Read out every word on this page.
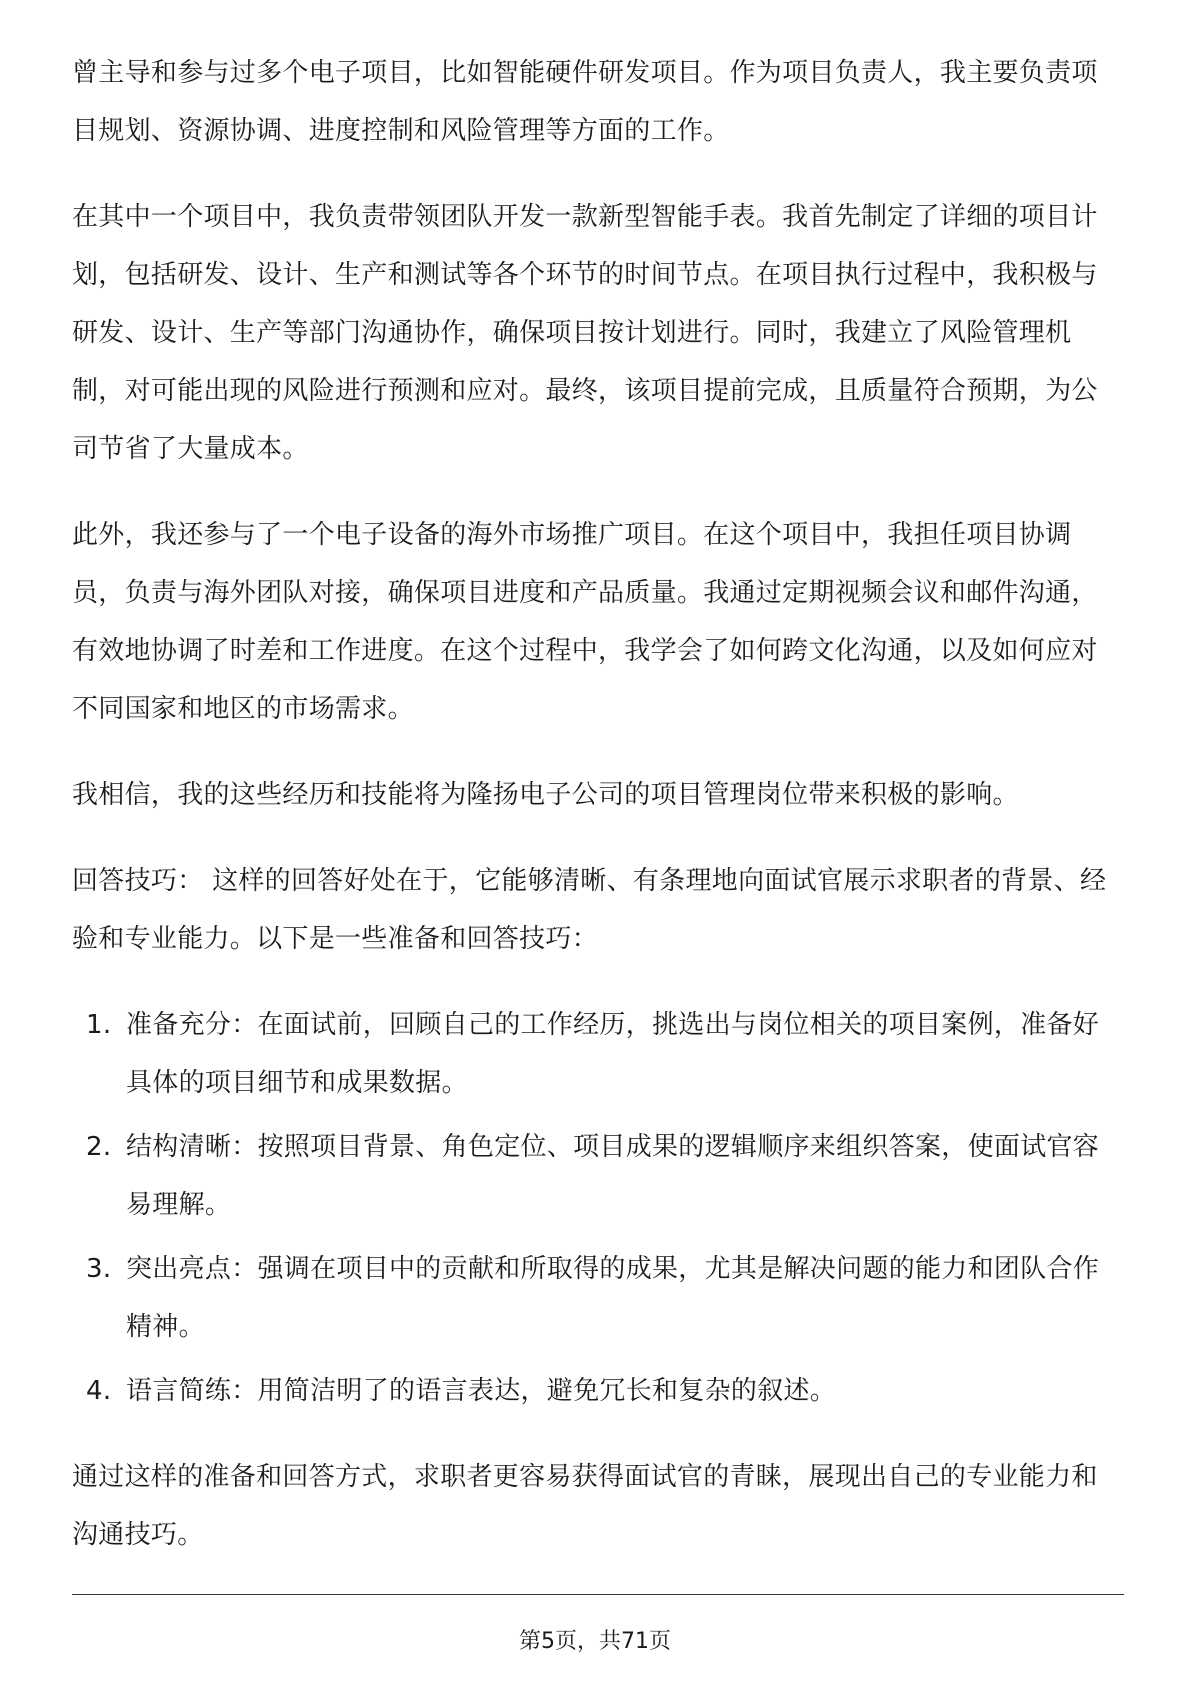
曾主导和参与过多个电子项目，比如智能硬件研发项目。作为项目负责人，我主要负责项目规划、资源协调、进度控制和风险管理等方面的工作。

在其中一个项目中，我负责带领团队开发一款新型智能手表。我首先制定了详细的项目计划，包括研发、设计、生产和测试等各个环节的时间节点。在项目执行过程中，我积极与研发、设计、生产等部门沟通协作，确保项目按计划进行。同时，我建立了风险管理机制，对可能出现的风险进行预测和应对。最终，该项目提前完成，且质量符合预期，为公司节省了大量成本。

此外，我还参与了一个电子设备的海外市场推广项目。在这个项目中，我担任项目协调员，负责与海外团队对接，确保项目进度和产品质量。我通过定期视频会议和邮件沟通，有效地协调了时差和工作进度。在这个过程中，我学会了如何跨文化沟通，以及如何应对不同国家和地区的市场需求。

我相信，我的这些经历和技能将为隆扬电子公司的项目管理岗位带来积极的影响。

回答技巧： 这样的回答好处在于，它能够清晰、有条理地向面试官展示求职者的背景、经验和专业能力。以下是一些准备和回答技巧：

1. 准备充分：在面试前，回顾自己的工作经历，挑选出与岗位相关的项目案例，准备好具体的项目细节和成果数据。
2. 结构清晰：按照项目背景、角色定位、项目成果的逻辑顺序来组织答案，使面试官容易理解。
3. 突出亮点：强调在项目中的贡献和所取得的成果，尤其是解决问题的能力和团队合作精神。
4. 语言简练：用简洁明了的语言表达，避免冗长和复杂的叙述。

通过这样的准备和回答方式，求职者更容易获得面试官的青睐，展现出自己的专业能力和沟通技巧。

第5页，共71页
